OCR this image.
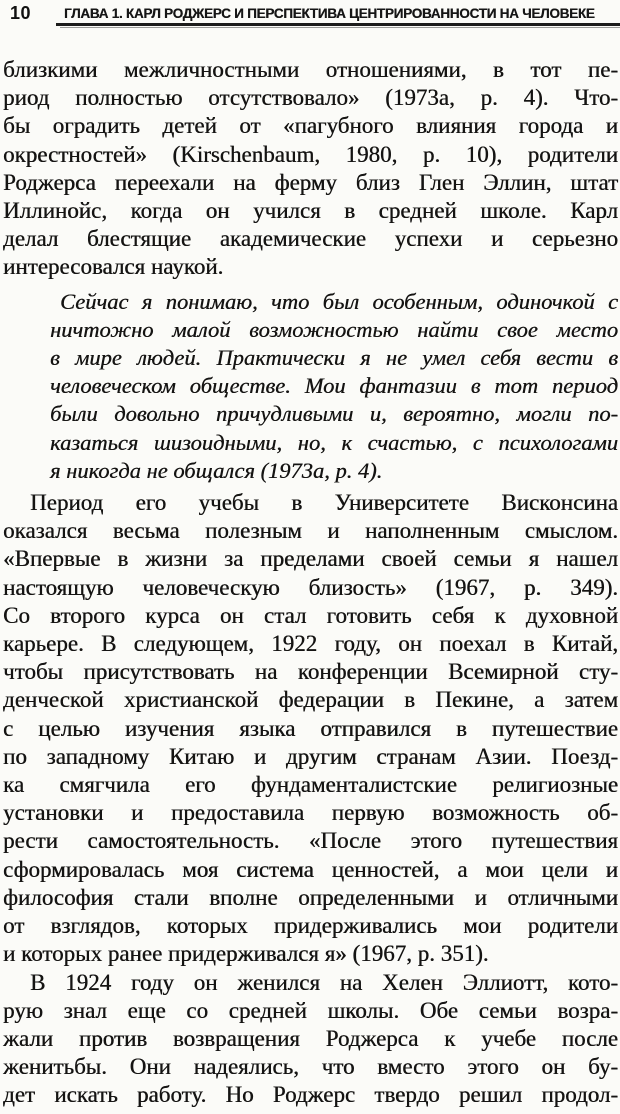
10 ГЛАВА 1. КАРЛ РОДЖЕРС И ПЕРСПЕКТИВА ЦЕНТРИРОВАННОСТИ НА ЧЕЛОВЕКЕ
близкими межличностными отношениями, в тот пе-
риод полностью отсутствовало» (1973a, p. 4). Что-
бы оградить детей от «пагубного влияния города и
окрестностей» (Kirschenbaum, 1980, p. 10), родители
Роджерса переехали на ферму близ Глен Эллин, штат
Иллинойс, когда он учился в средней школе. Карл
делал блестящие академические успехи и серьезно
интересовался наукой.
Сейчас я понимаю, что был особенным, одиночкой с
ничтожно малой возможностью найти свое место
в мире людей. Практически я не умел себя вести в
человеческом обществе. Мои фантазии в тот период
были довольно причудливыми и, вероятно, могли по-
казаться шизоидными, но, к счастью, с психологами
я никогда не общался (1973a, p. 4).
Период его учебы в Университете Висконсина
оказался весьма полезным и наполненным смыслом.
«Впервые в жизни за пределами своей семьи я нашел
настоящую человеческую близость» (1967, p. 349).
Со второго курса он стал готовить себя к духовной
карьере. В следующем, 1922 году, он поехал в Китай,
чтобы присутствовать на конференции Всемирной сту-
денческой христианской федерации в Пекине, а затем
с целью изучения языка отправился в путешествие
по западному Китаю и другим странам Азии. Поезд-
ка смягчила его фундаменталистские религиозные
установки и предоставила первую возможность об-
рести самостоятельность. «После этого путешествия
сформировалась моя система ценностей, а мои цели и
философия стали вполне определенными и отличными
от взглядов, которых придерживались мои родители
и которых ранее придерживался я» (1967, p. 351).
В 1924 году он женился на Хелен Эллиотт, кото-
рую знал еще со средней школы. Обе семьи возра-
жали против возвращения Роджерса к учебе после
женитьбы. Они надеялись, что вместо этого он бу-
дет искать работу. Но Роджерс твердо решил продол-
